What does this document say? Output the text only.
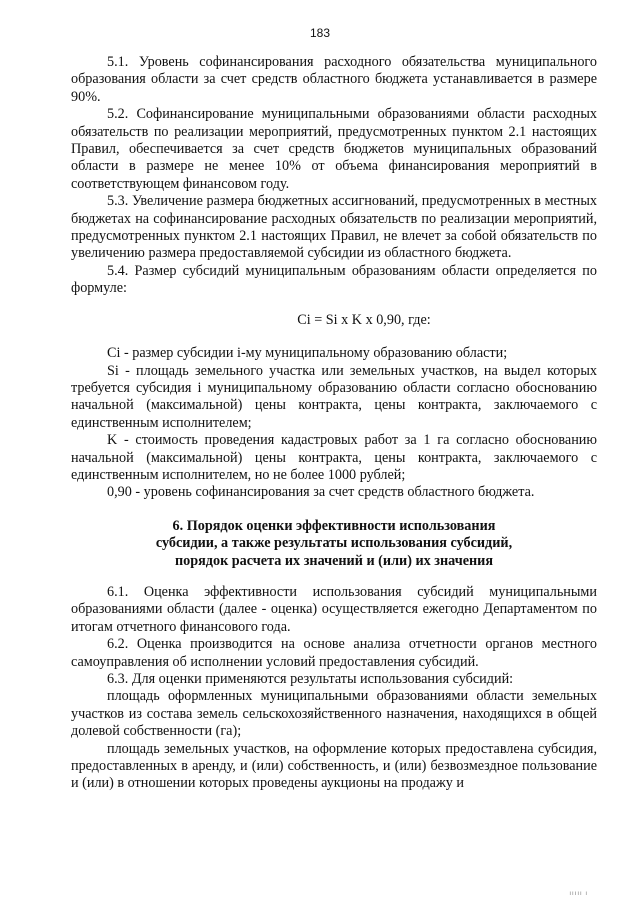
183

5.1. Уровень софинансирования расходного обязательства муниципального образования области за счет средств областного бюджета устанавливается в размере 90%.

5.2. Софинансирование муниципальными образованиями области расходных обязательств по реализации мероприятий, предусмотренных пунктом 2.1 настоящих Правил, обеспечивается за счет средств бюджетов муниципальных образований области в размере не менее 10% от объема финансирования мероприятий в соответствующем финансовом году.

5.3. Увеличение размера бюджетных ассигнований, предусмотренных в местных бюджетах на софинансирование расходных обязательств по реализации мероприятий, предусмотренных пунктом 2.1 настоящих Правил, не влечет за собой обязательств по увеличению размера предоставляемой субсидии из областного бюджета.

5.4. Размер субсидий муниципальным образованиям области определяется по формуле:

Ci = Si x K x 0,90, где:

Ci - размер субсидии i-му муниципальному образованию области;

Si - площадь земельного участка или земельных участков, на выдел которых требуется субсидия i муниципальному образованию области согласно обоснованию начальной (максимальной) цены контракта, цены контракта, заключаемого с единственным исполнителем;

K - стоимость проведения кадастровых работ за 1 га согласно обоснованию начальной (максимальной) цены контракта, цены контракта, заключаемого с единственным исполнителем, но не более 1000 рублей;

0,90 - уровень софинансирования за счет средств областного бюджета.

6. Порядок оценки эффективности использования
субсидии, а также результаты использования субсидий,
порядок расчета их значений и (или) их значения

6.1. Оценка эффективности использования субсидий муниципальными образованиями области (далее - оценка) осуществляется ежегодно Департаментом по итогам отчетного финансового года.

6.2. Оценка производится на основе анализа отчетности органов местного самоуправления об исполнении условий предоставления субсидий.

6.3. Для оценки применяются результаты использования субсидий:

площадь оформленных муниципальными образованиями области земельных участков из состава земель сельскохозяйственного назначения, находящихся в общей долевой собственности (га);

площадь земельных участков, на оформление которых предоставлена субсидия, предоставленных в аренду, и (или) собственность, и (или) безвозмездное пользование и (или) в отношении которых проведены аукционы на продажу и

ııııı ı
